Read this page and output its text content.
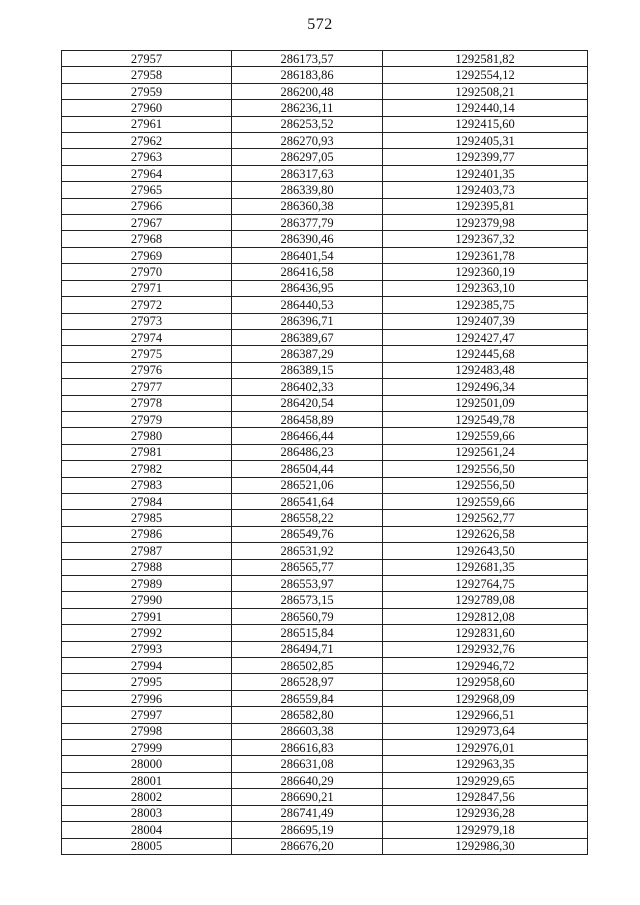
572
27957	286173,57	1292581,82
27958	286183,86	1292554,12
27959	286200,48	1292508,21
27960	286236,11	1292440,14
27961	286253,52	1292415,60
27962	286270,93	1292405,31
27963	286297,05	1292399,77
27964	286317,63	1292401,35
27965	286339,80	1292403,73
27966	286360,38	1292395,81
27967	286377,79	1292379,98
27968	286390,46	1292367,32
27969	286401,54	1292361,78
27970	286416,58	1292360,19
27971	286436,95	1292363,10
27972	286440,53	1292385,75
27973	286396,71	1292407,39
27974	286389,67	1292427,47
27975	286387,29	1292445,68
27976	286389,15	1292483,48
27977	286402,33	1292496,34
27978	286420,54	1292501,09
27979	286458,89	1292549,78
27980	286466,44	1292559,66
27981	286486,23	1292561,24
27982	286504,44	1292556,50
27983	286521,06	1292556,50
27984	286541,64	1292559,66
27985	286558,22	1292562,77
27986	286549,76	1292626,58
27987	286531,92	1292643,50
27988	286565,77	1292681,35
27989	286553,97	1292764,75
27990	286573,15	1292789,08
27991	286560,79	1292812,08
27992	286515,84	1292831,60
27993	286494,71	1292932,76
27994	286502,85	1292946,72
27995	286528,97	1292958,60
27996	286559,84	1292968,09
27997	286582,80	1292966,51
27998	286603,38	1292973,64
27999	286616,83	1292976,01
28000	286631,08	1292963,35
28001	286640,29	1292929,65
28002	286690,21	1292847,56
28003	286741,49	1292936,28
28004	286695,19	1292979,18
28005	286676,20	1292986,30
